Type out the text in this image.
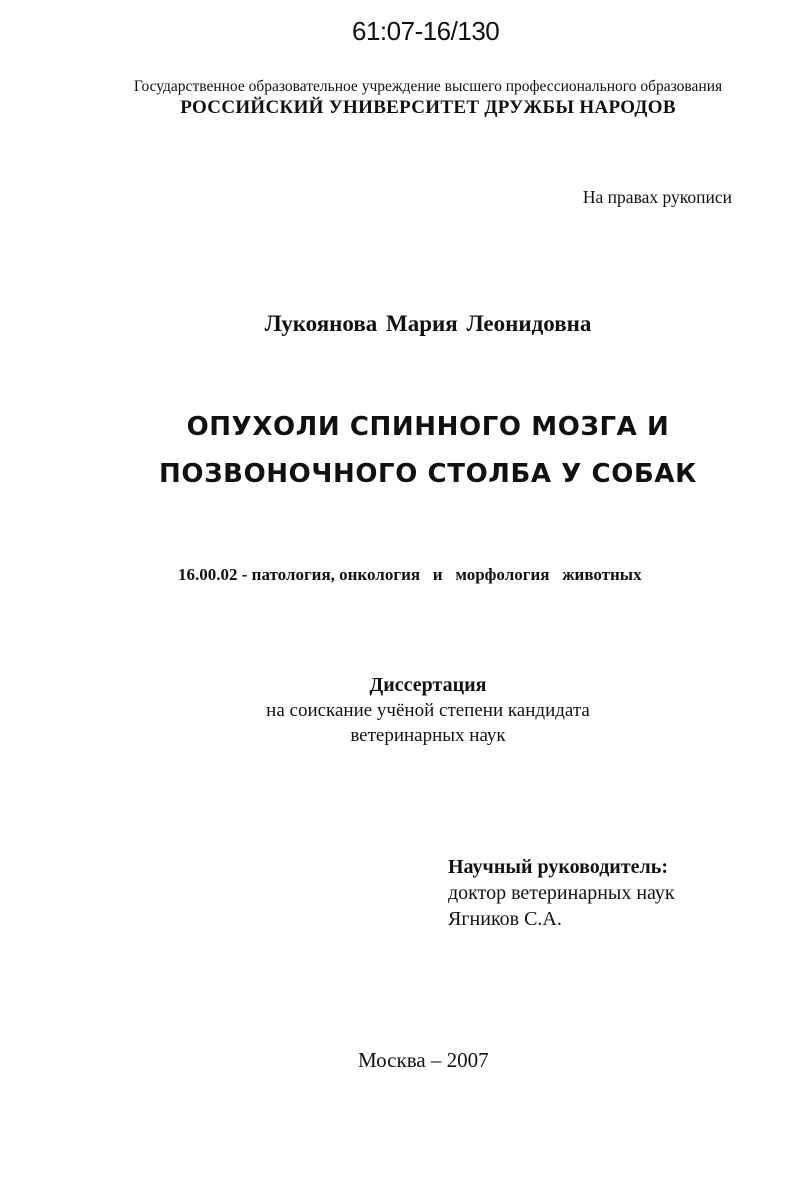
61:07-16/130
Государственное образовательное учреждение высшего профессионального образования
РОССИЙСКИЙ УНИВЕРСИТЕТ ДРУЖБЫ НАРОДОВ
На правах рукописи
Лукоянова Мария Леонидовна
ОПУХОЛИ СПИННОГО МОЗГА И
ПОЗВОНОЧНОГО СТОЛБА У СОБАК
16.00.02 - патология, онкология   и   морфология   животных
Диссертация
на соискание учёной степени кандидата
ветеринарных наук
Научный руководитель:
доктор ветеринарных наук
Ягников С.А.
Москва – 2007
